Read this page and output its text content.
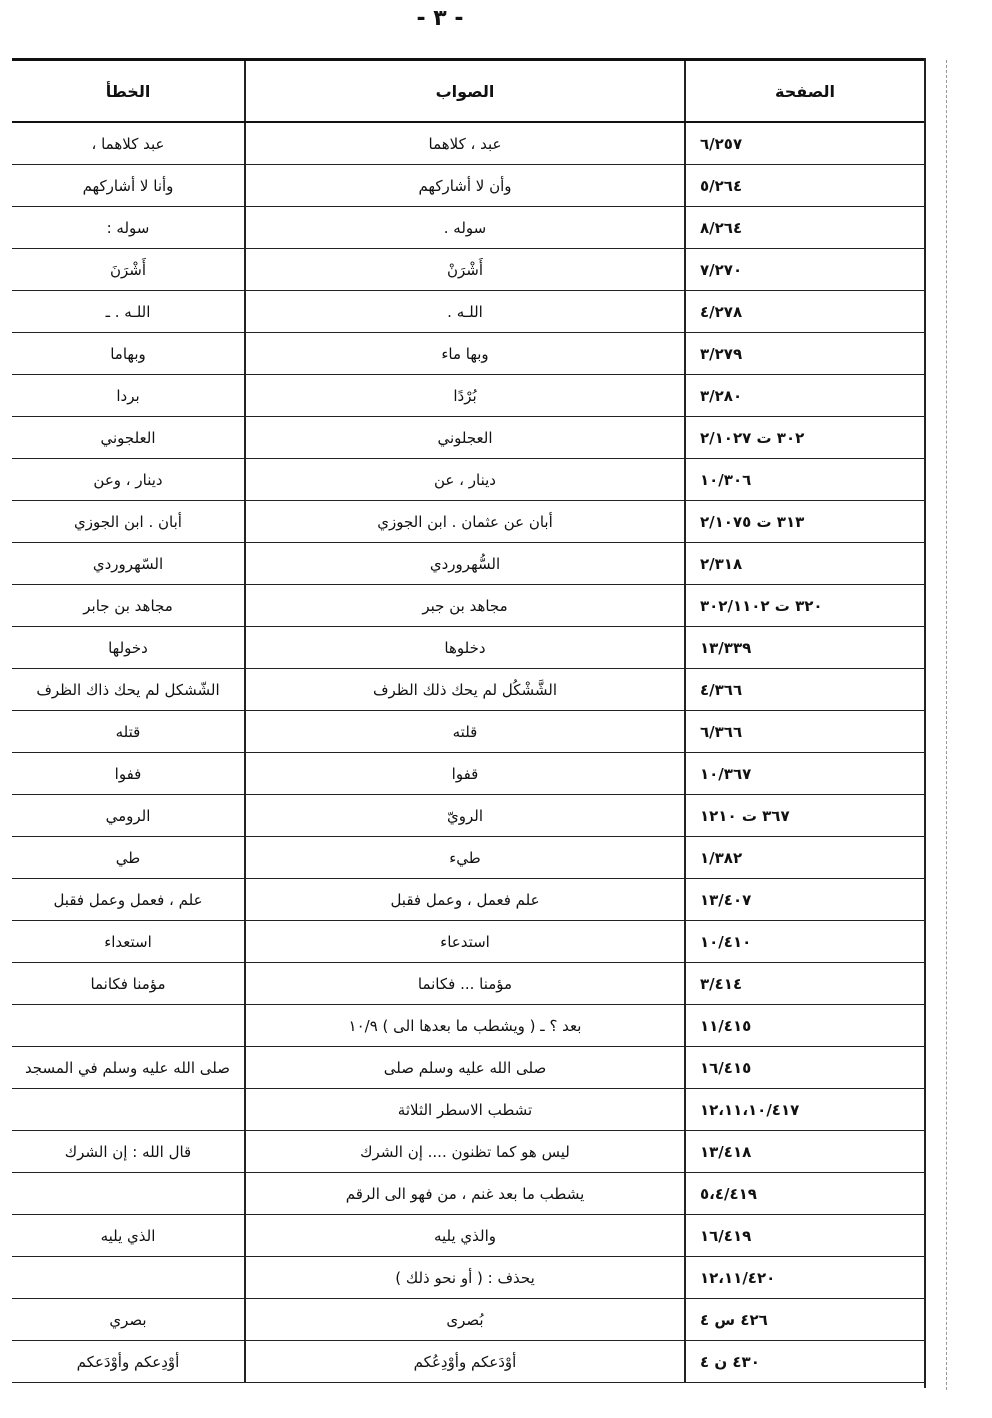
- ٣ -
الصفحة	الصواب	الخطأ
٦/٢٥٧	عبد ، كلاهما	عبد كلاهما ،
٥/٢٦٤	وأن لا أشاركهم	وأنا لا أشاركهم
٨/٢٦٤	سوله .	سوله :
٧/٢٧٠	أَشْرَنْ	أَشْرَنَ
٤/٢٧٨	اللـه .	اللـه . ـ
٣/٢٧٩	وبها ماء	وبهاما
٣/٢٨٠	بُرْدًا	بردا
٣٠٢ ت ٢/١٠٢٧	العجلوني	العلجوني
١٠/٣٠٦	دينار ، عن	دينار ، وعن
٣١٣ ت ٢/١٠٧٥	أبان عن عثمان . ابن الجوزي	أبان . ابن الجوزي
٢/٣١٨	السُّهروردي	السّهروردي
٣٢٠ ت ٣٠٢/١١٠٢	مجاهد بن جبر	مجاهد بن جابر
١٣/٣٣٩	دخلوها	دخولها
٤/٣٦٦	الشَّشْكُل لم يحك ذلك الظرف	الشّشكل لم يحك ذاك الظرف
٦/٣٦٦	قلته	قتله
١٠/٣٦٧	قفوا	ففوا
٣٦٧ ت ١٢١٠	الرويّ	الرومي
١/٣٨٢	طيء	طي
١٣/٤٠٧	علم فعمل ، وعمل فقبل	علم ، فعمل وعمل فقبل
١٠/٤١٠	استدعاء	استعداء
٣/٤١٤	مؤمنا ... فكانما	مؤمنا فكانما
١١/٤١٥	بعد ؟ ـ ( ويشطب ما بعدها الى ) ١٠/٩	
١٦/٤١٥	صلى الله عليه وسلم صلى	صلى الله عليه وسلم في المسجد
١٢،١١،١٠/٤١٧	تشطب الاسطر الثلاثة	
١٣/٤١٨	ليس هو كما تظنون .... إن الشرك	قال الله : إن الشرك
٥،٤/٤١٩	يشطب ما بعد غنم ، من فهو الى الرقم	
١٦/٤١٩	والذي يليه	الذي يليه
١٢،١١/٤٢٠	يحذف : ( أو نحو ذلك )	
٤٢٦ س ٤	بُصرى	بصري
٤٣٠ ن ٤	أوْدَعكم وأوْدِعُكم	أوْدِعكم وأوْدَعكم
